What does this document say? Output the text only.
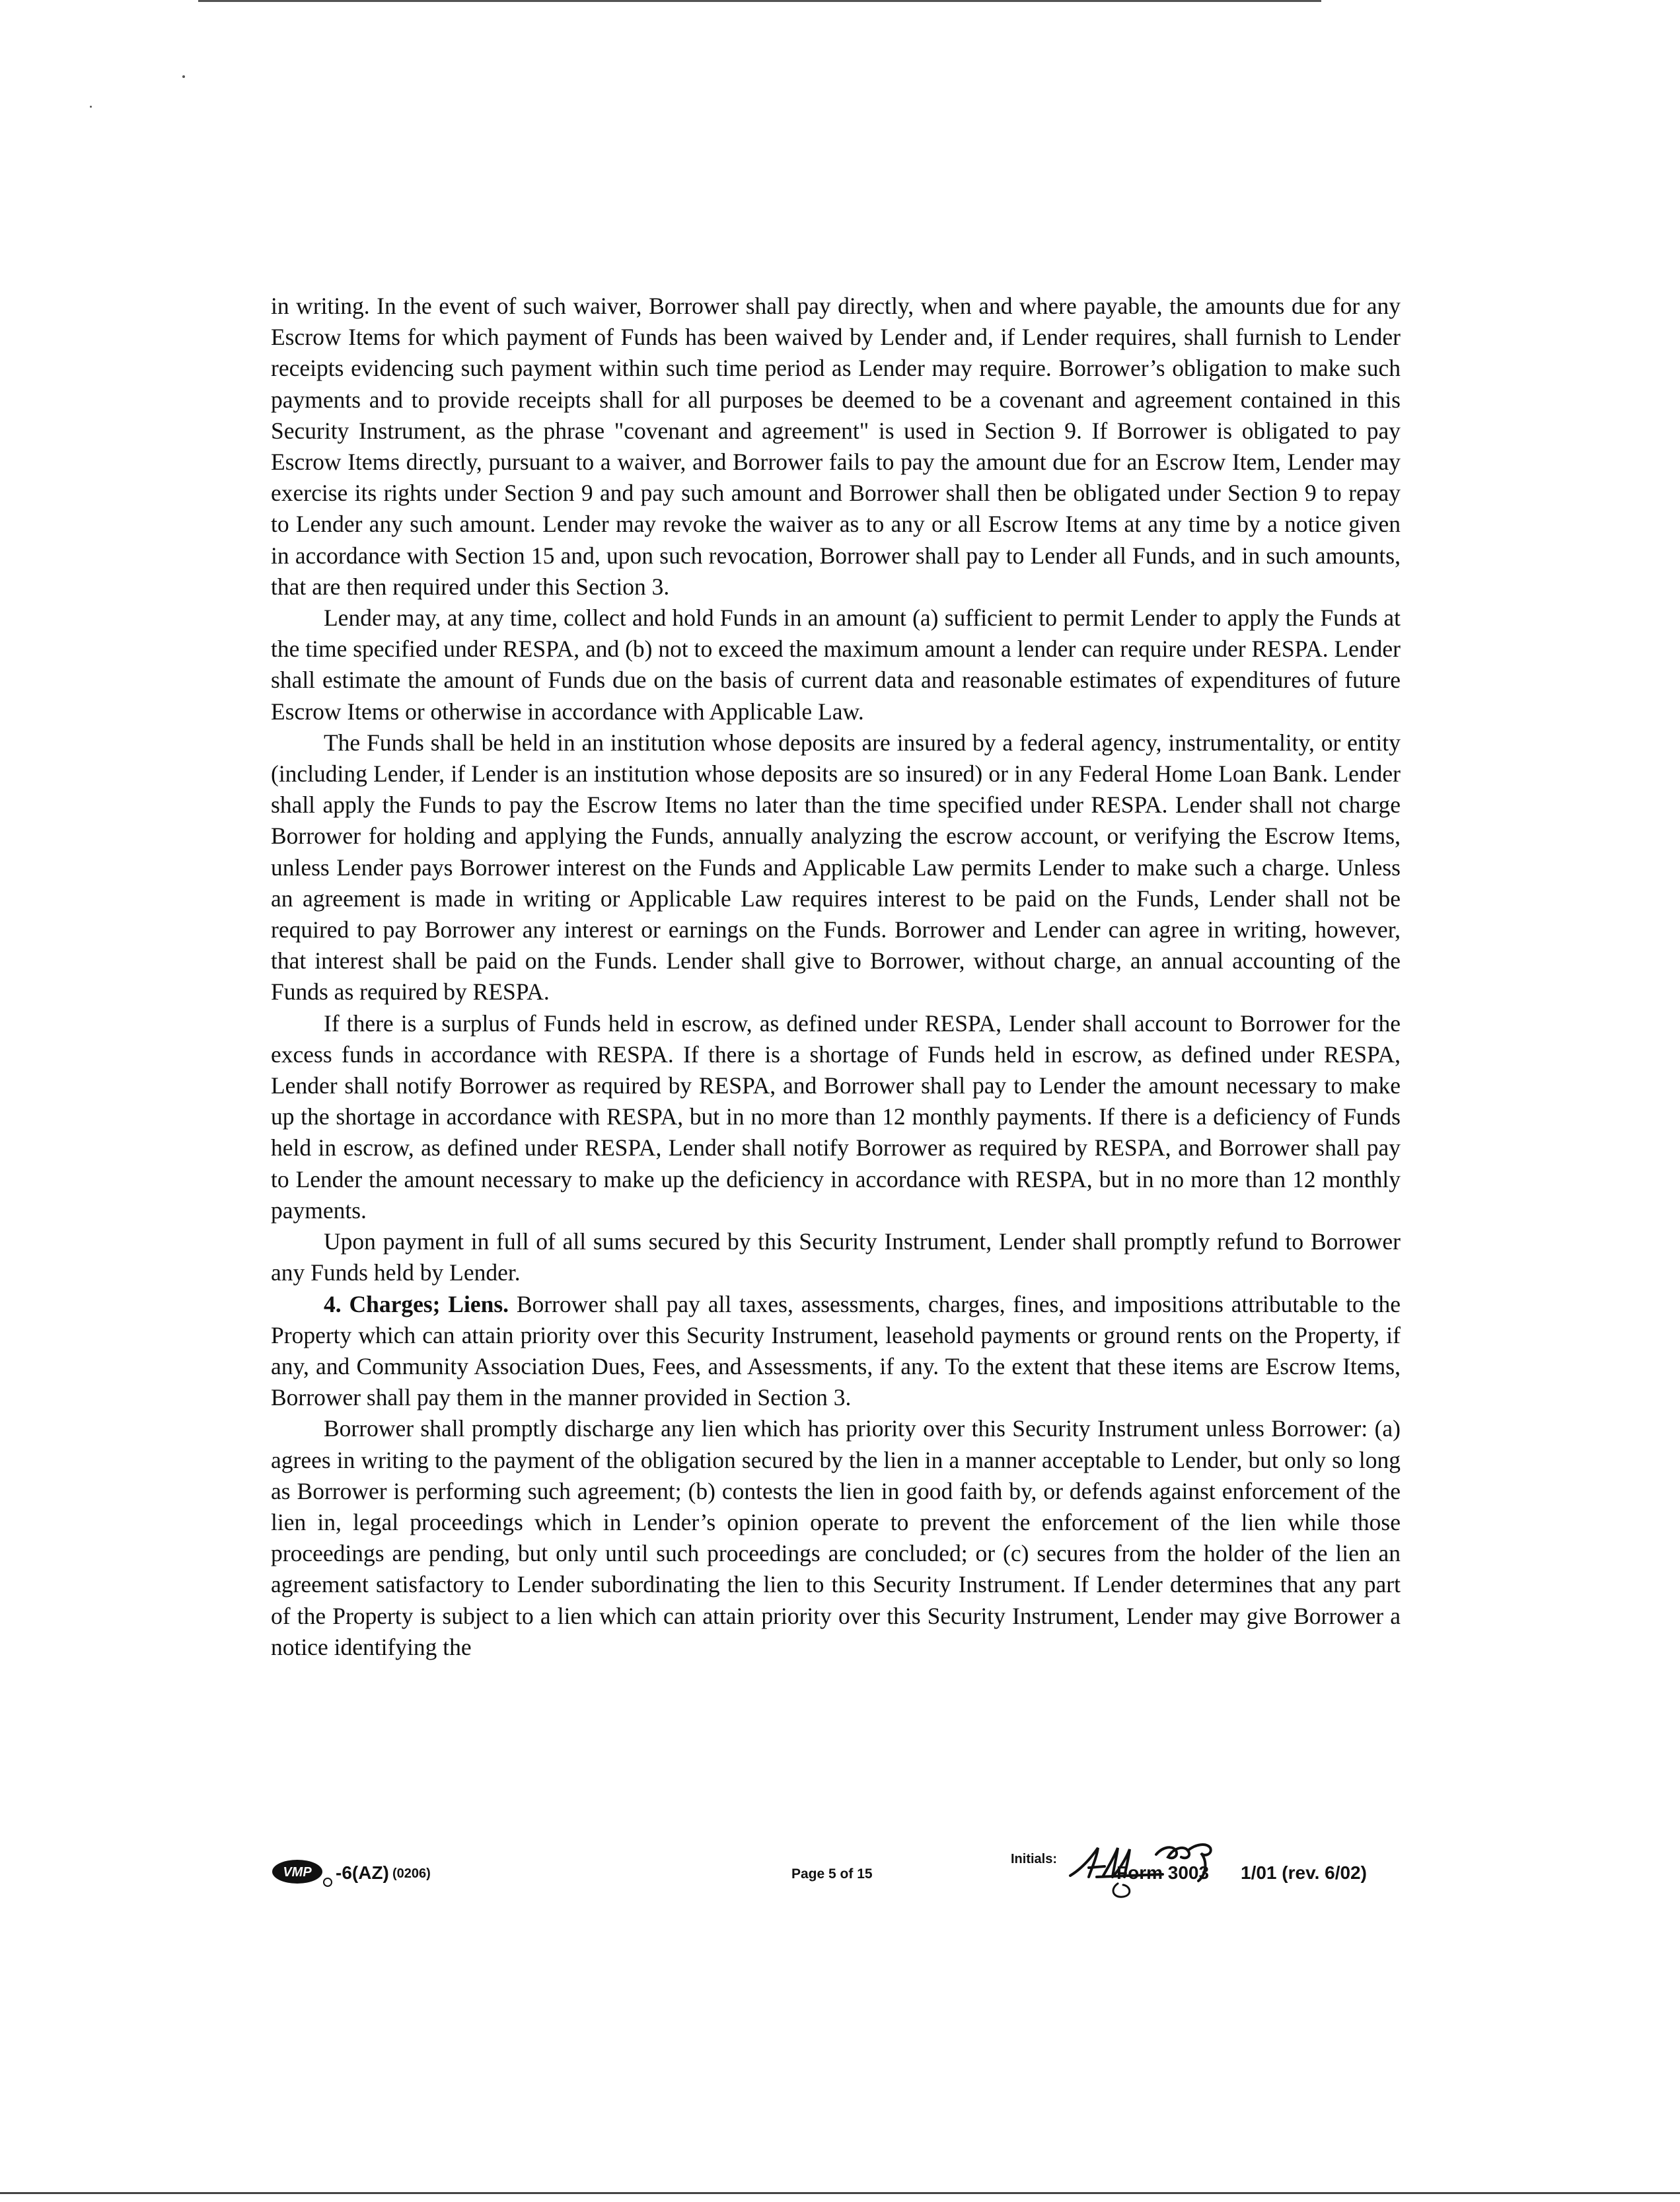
in writing. In the event of such waiver, Borrower shall pay directly, when and where payable, the amounts due for any Escrow Items for which payment of Funds has been waived by Lender and, if Lender requires, shall furnish to Lender receipts evidencing such payment within such time period as Lender may require. Borrower’s obligation to make such payments and to provide receipts shall for all purposes be deemed to be a covenant and agreement contained in this Security Instrument, as the phrase "covenant and agreement" is used in Section 9. If Borrower is obligated to pay Escrow Items directly, pursuant to a waiver, and Borrower fails to pay the amount due for an Escrow Item, Lender may exercise its rights under Section 9 and pay such amount and Borrower shall then be obligated under Section 9 to repay to Lender any such amount. Lender may revoke the waiver as to any or all Escrow Items at any time by a notice given in accordance with Section 15 and, upon such revocation, Borrower shall pay to Lender all Funds, and in such amounts, that are then required under this Section 3.

Lender may, at any time, collect and hold Funds in an amount (a) sufficient to permit Lender to apply the Funds at the time specified under RESPA, and (b) not to exceed the maximum amount a lender can require under RESPA. Lender shall estimate the amount of Funds due on the basis of current data and reasonable estimates of expenditures of future Escrow Items or otherwise in accordance with Applicable Law.

The Funds shall be held in an institution whose deposits are insured by a federal agency, instrumentality, or entity (including Lender, if Lender is an institution whose deposits are so insured) or in any Federal Home Loan Bank. Lender shall apply the Funds to pay the Escrow Items no later than the time specified under RESPA. Lender shall not charge Borrower for holding and applying the Funds, annually analyzing the escrow account, or verifying the Escrow Items, unless Lender pays Borrower interest on the Funds and Applicable Law permits Lender to make such a charge. Unless an agreement is made in writing or Applicable Law requires interest to be paid on the Funds, Lender shall not be required to pay Borrower any interest or earnings on the Funds. Borrower and Lender can agree in writing, however, that interest shall be paid on the Funds. Lender shall give to Borrower, without charge, an annual accounting of the Funds as required by RESPA.

If there is a surplus of Funds held in escrow, as defined under RESPA, Lender shall account to Borrower for the excess funds in accordance with RESPA. If there is a shortage of Funds held in escrow, as defined under RESPA, Lender shall notify Borrower as required by RESPA, and Borrower shall pay to Lender the amount necessary to make up the shortage in accordance with RESPA, but in no more than 12 monthly payments. If there is a deficiency of Funds held in escrow, as defined under RESPA, Lender shall notify Borrower as required by RESPA, and Borrower shall pay to Lender the amount necessary to make up the deficiency in accordance with RESPA, but in no more than 12 monthly payments.

Upon payment in full of all sums secured by this Security Instrument, Lender shall promptly refund to Borrower any Funds held by Lender.

4. Charges; Liens. Borrower shall pay all taxes, assessments, charges, fines, and impositions attributable to the Property which can attain priority over this Security Instrument, leasehold payments or ground rents on the Property, if any, and Community Association Dues, Fees, and Assessments, if any. To the extent that these items are Escrow Items, Borrower shall pay them in the manner provided in Section 3.

Borrower shall promptly discharge any lien which has priority over this Security Instrument unless Borrower: (a) agrees in writing to the payment of the obligation secured by the lien in a manner acceptable to Lender, but only so long as Borrower is performing such agreement; (b) contests the lien in good faith by, or defends against enforcement of the lien in, legal proceedings which in Lender’s opinion operate to prevent the enforcement of the lien while those proceedings are pending, but only until such proceedings are concluded; or (c) secures from the holder of the lien an agreement satisfactory to Lender subordinating the lien to this Security Instrument. If Lender determines that any part of the Property is subject to a lien which can attain priority over this Security Instrument, Lender may give Borrower a notice identifying the

VMP -6(AZ) (0206)	Page 5 of 15
Initials:
Form 3003 1/01 (rev. 6/02)
